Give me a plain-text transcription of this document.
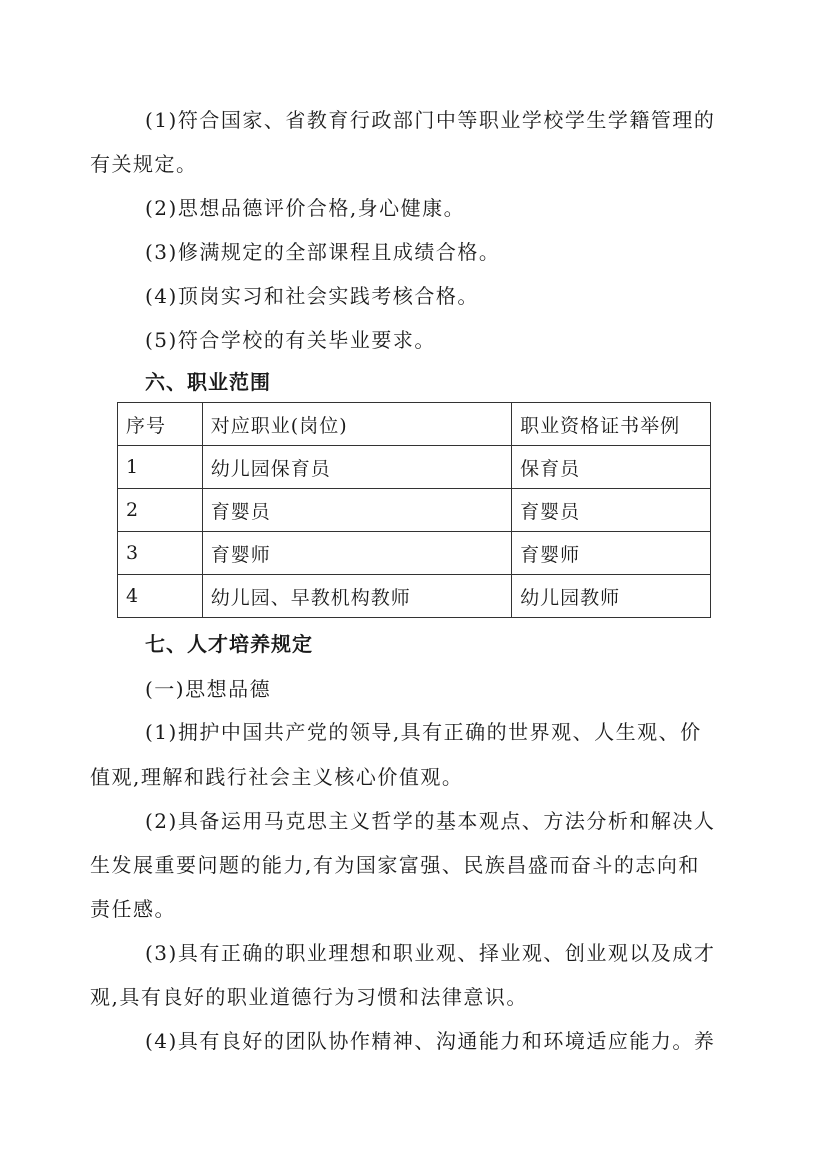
(1)符合国家、省教育行政部门中等职业学校学生学籍管理的
有关规定。
(2)思想品德评价合格,身心健康。
(3)修满规定的全部课程且成绩合格。
(4)顶岗实习和社会实践考核合格。
(5)符合学校的有关毕业要求。
六、职业范围
序号	对应职业(岗位)	职业资格证书举例
1	幼儿园保育员	保育员
2	育婴员	育婴员
3	育婴师	育婴师
4	幼儿园、早教机构教师	幼儿园教师
七、人才培养规定
(一)思想品德
(1)拥护中国共产党的领导,具有正确的世界观、人生观、价
值观,理解和践行社会主义核心价值观。
(2)具备运用马克思主义哲学的基本观点、方法分析和解决人
生发展重要问题的能力,有为国家富强、民族昌盛而奋斗的志向和
责任感。
(3)具有正确的职业理想和职业观、择业观、创业观以及成才
观,具有良好的职业道德行为习惯和法律意识。
(4)具有良好的团队协作精神、沟通能力和环境适应能力。养
